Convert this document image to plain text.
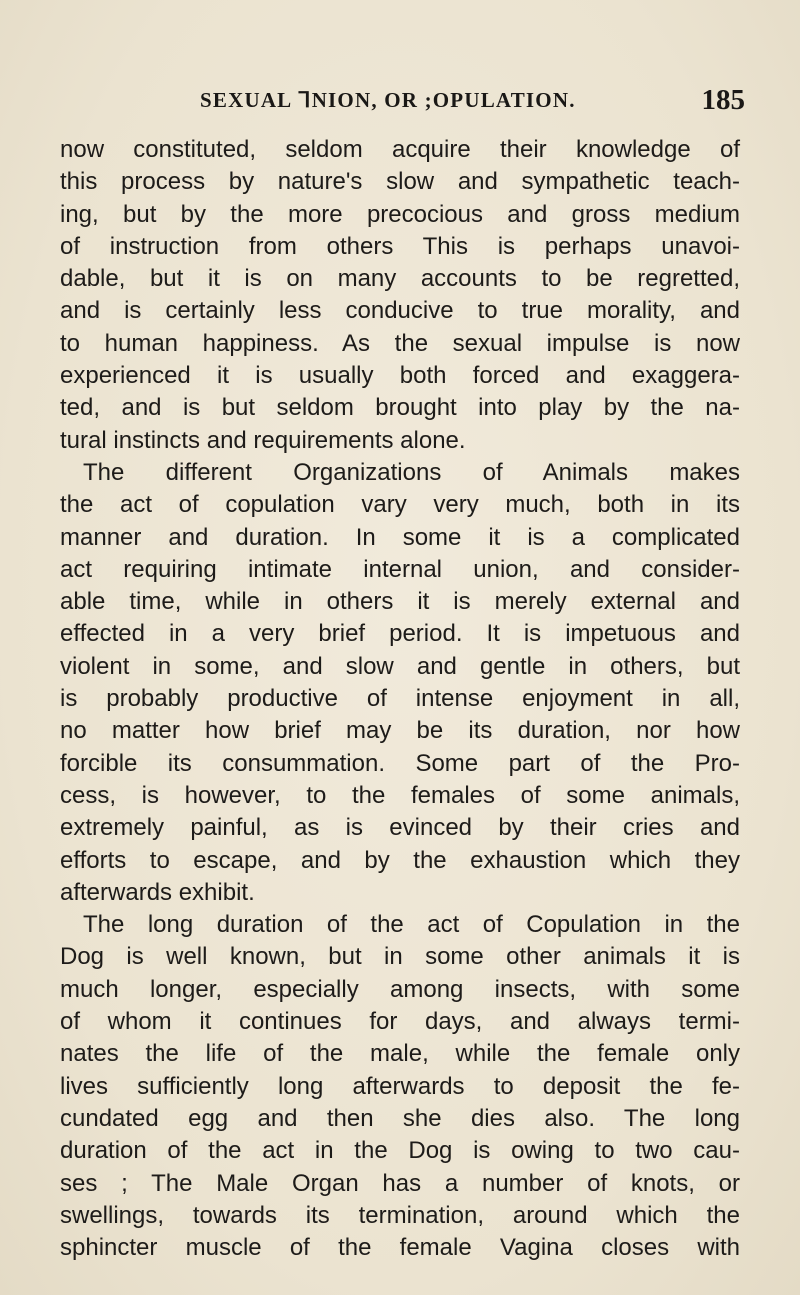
SEXUAL ᒣNION, OR ;OPULATION.	185
now constituted, seldom acquire their knowledge of
this process by nature's slow and sympathetic teach-
ing, but by the more precocious and gross medium
of instruction from others This is perhaps unavoi-
dable, but it is on many accounts to be regretted,
and is certainly less conducive to true morality, and
to human happiness. As the sexual impulse is now
experienced it is usually both forced and exaggera-
ted, and is but seldom brought into play by the na-
tural instincts and requirements alone.
The different Organizations of Animals makes
the act of copulation vary very much, both in its
manner and duration. In some it is a complicated
act requiring intimate internal union, and consider-
able time, while in others it is merely external and
effected in a very brief period. It is impetuous and
violent in some, and slow and gentle in others, but
is probably productive of intense enjoyment in all,
no matter how brief may be its duration, nor how
forcible its consummation. Some part of the Pro-
cess, is however, to the females of some animals,
extremely painful, as is evinced by their cries and
efforts to escape, and by the exhaustion which they
afterwards exhibit.
The long duration of the act of Copulation in the
Dog is well known, but in some other animals it is
much longer, especially among insects, with some
of whom it continues for days, and always termi-
nates the life of the male, while the female only
lives sufficiently long afterwards to deposit the fe-
cundated egg and then she dies also. The long
duration of the act in the Dog is owing to two cau-
ses ; The Male Organ has a number of knots, or
swellings, towards its termination, around which the
sphincter muscle of the female Vagina closes with
